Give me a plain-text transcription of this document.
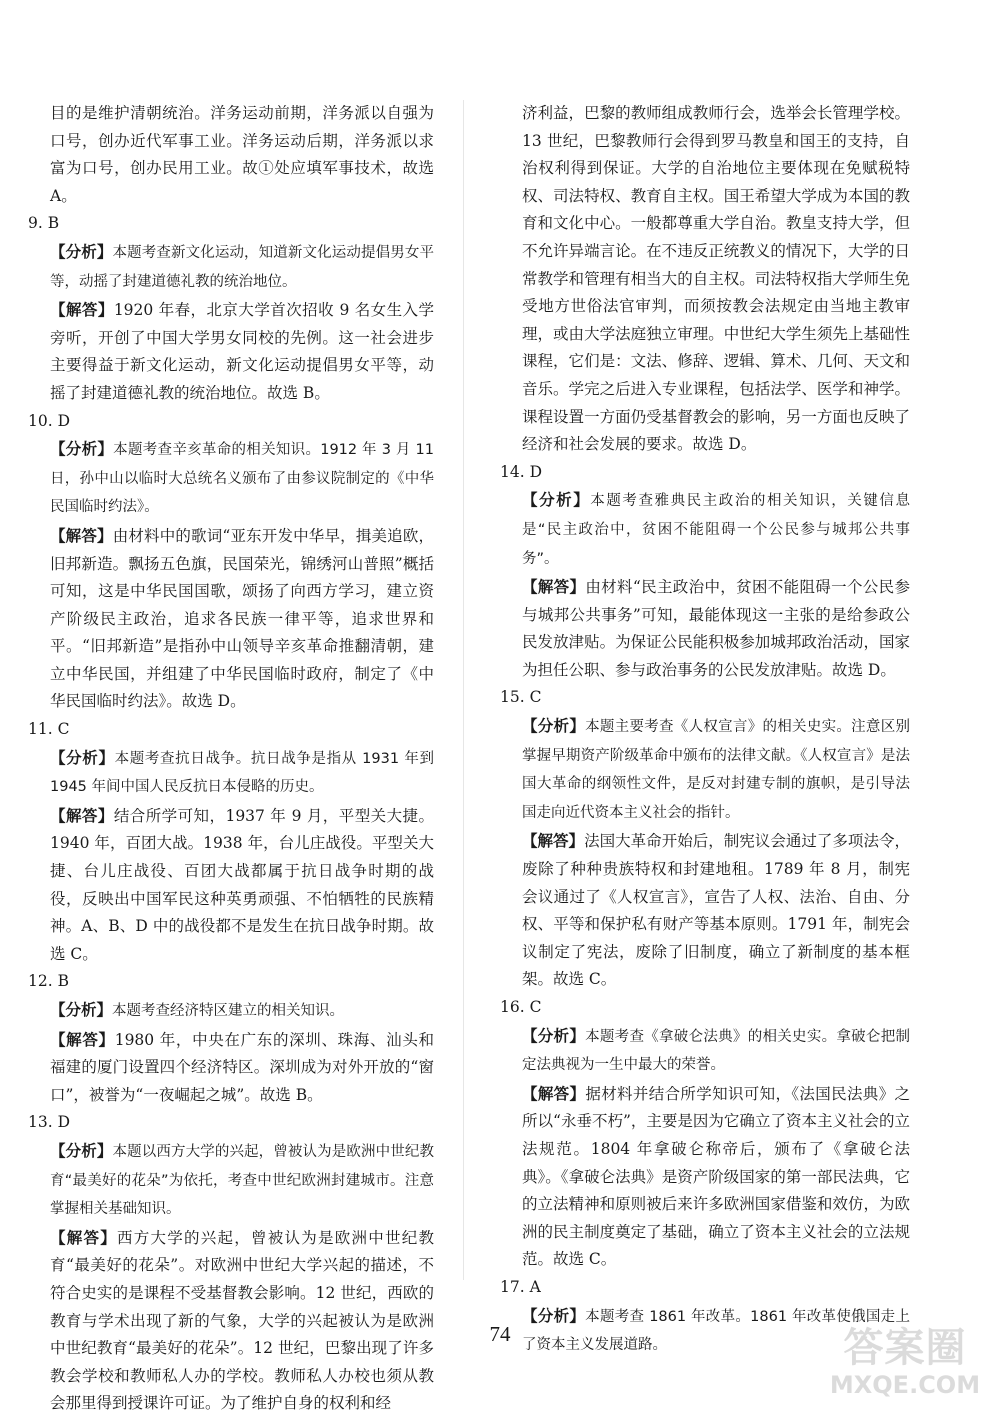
目的是维护清朝统治。洋务运动前期，洋务派以自强为口号，创办近代军事工业。洋务运动后期，洋务派以求富为口号，创办民用工业。故①处应填军事技术，故选 A。

9. B

【分析】本题考查新文化运动，知道新文化运动提倡男女平等，动摇了封建道德礼教的统治地位。

【解答】1920 年春，北京大学首次招收 9 名女生入学旁听，开创了中国大学男女同校的先例。这一社会进步主要得益于新文化运动，新文化运动提倡男女平等，动摇了封建道德礼教的统治地位。故选 B。

10. D

【分析】本题考查辛亥革命的相关知识。1912 年 3 月 11 日，孙中山以临时大总统名义颁布了由参议院制定的《中华民国临时约法》。

【解答】由材料中的歌词“亚东开发中华早，揖美追欧，旧邦新造。飘扬五色旗，民国荣光，锦绣河山普照”概括可知，这是中华民国国歌，颂扬了向西方学习，建立资产阶级民主政治，追求各民族一律平等，追求世界和平。“旧邦新造”是指孙中山领导辛亥革命推翻清朝，建立中华民国，并组建了中华民国临时政府，制定了《中华民国临时约法》。故选 D。

11. C

【分析】本题考查抗日战争。抗日战争是指从 1931 年到 1945 年间中国人民反抗日本侵略的历史。

【解答】结合所学可知，1937 年 9 月，平型关大捷。1940 年，百团大战。1938 年，台儿庄战役。平型关大捷、台儿庄战役、百团大战都属于抗日战争时期的战役，反映出中国军民这种英勇顽强、不怕牺牲的民族精神。A、B、D 中的战役都不是发生在抗日战争时期。故选 C。

12. B

【分析】本题考查经济特区建立的相关知识。

【解答】1980 年，中央在广东的深圳、珠海、汕头和福建的厦门设置四个经济特区。深圳成为对外开放的“窗口”，被誉为“一夜崛起之城”。故选 B。

13. D

【分析】本题以西方大学的兴起，曾被认为是欧洲中世纪教育“最美好的花朵”为依托，考查中世纪欧洲封建城市。注意掌握相关基础知识。

【解答】西方大学的兴起，曾被认为是欧洲中世纪教育“最美好的花朵”。对欧洲中世纪大学兴起的描述，不符合史实的是课程不受基督教会影响。12 世纪，西欧的教育与学术出现了新的气象，大学的兴起被认为是欧洲中世纪教育“最美好的花朵”。12 世纪，巴黎出现了许多教会学校和教师私人办的学校。教师私人办校也须从教会那里得到授课许可证。为了维护自身的权利和经

济利益，巴黎的教师组成教师行会，选举会长管理学校。13 世纪，巴黎教师行会得到罗马教皇和国王的支持，自治权利得到保证。大学的自治地位主要体现在免赋税特权、司法特权、教育自主权。国王希望大学成为本国的教育和文化中心。一般都尊重大学自治。教皇支持大学，但不允许异端言论。在不违反正统教义的情况下，大学的日常教学和管理有相当大的自主权。司法特权指大学师生免受地方世俗法官审判，而须按教会法规定由当地主教审理，或由大学法庭独立审理。中世纪大学生须先上基础性课程，它们是：文法、修辞、逻辑、算术、几何、天文和音乐。学完之后进入专业课程，包括法学、医学和神学。课程设置一方面仍受基督教会的影响，另一方面也反映了经济和社会发展的要求。故选 D。

14. D

【分析】本题考查雅典民主政治的相关知识，关键信息是“民主政治中，贫困不能阻碍一个公民参与城邦公共事务”。

【解答】由材料“民主政治中，贫困不能阻碍一个公民参与城邦公共事务”可知，最能体现这一主张的是给参政公民发放津贴。为保证公民能积极参加城邦政治活动，国家为担任公职、参与政治事务的公民发放津贴。故选 D。

15. C

【分析】本题主要考查《人权宣言》的相关史实。注意区别掌握早期资产阶级革命中颁布的法律文献。《人权宣言》是法国大革命的纲领性文件，是反对封建专制的旗帜，是引导法国走向近代资本主义社会的指针。

【解答】法国大革命开始后，制宪议会通过了多项法令，废除了种种贵族特权和封建地租。1789 年 8 月，制宪会议通过了《人权宣言》，宣告了人权、法治、自由、分权、平等和保护私有财产等基本原则。1791 年，制宪会议制定了宪法，废除了旧制度，确立了新制度的基本框架。故选 C。

16. C

【分析】本题考查《拿破仑法典》的相关史实。拿破仑把制定法典视为一生中最大的荣誉。

【解答】据材料并结合所学知识可知，《法国民法典》之所以“永垂不朽”，主要是因为它确立了资本主义社会的立法规范。1804 年拿破仑称帝后，颁布了《拿破仑法典》。《拿破仑法典》是资产阶级国家的第一部民法典，它的立法精神和原则被后来许多欧洲国家借鉴和效仿，为欧洲的民主制度奠定了基础，确立了资本主义社会的立法规范。故选 C。

17. A

【分析】本题考查 1861 年改革。1861 年改革使俄国走上了资本主义发展道路。

74	答案圈
MXQE.COM
